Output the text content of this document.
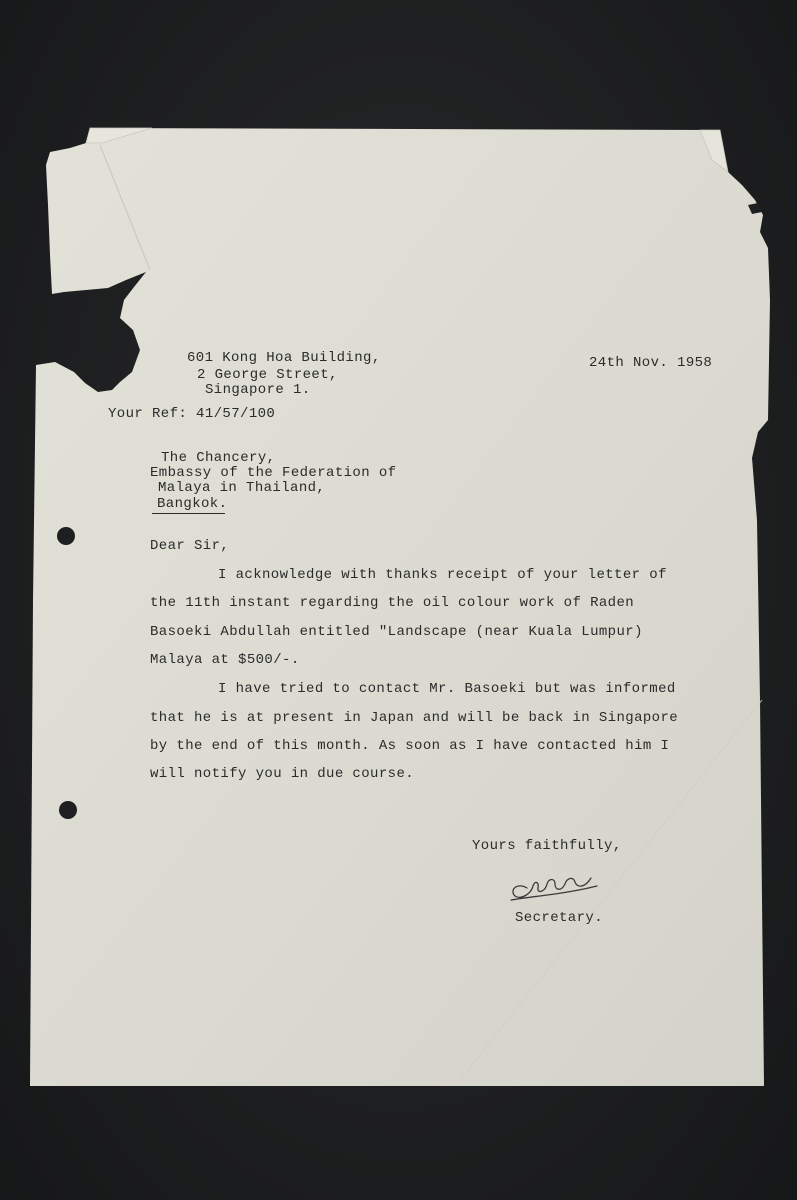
601 Kong Hoa Building,
2 George Street,
Singapore 1.
24th Nov. 1958
Your Ref: 41/57/100
The Chancery,
Embassy of the Federation of
Malaya in Thailand,
Bangkok.
Dear Sir,
I acknowledge with thanks receipt of your letter of
the 11th instant regarding the oil colour work of Raden
Basoeki Abdullah entitled "Landscape (near Kuala Lumpur)
Malaya at $500/-.
I have tried to contact Mr. Basoeki but was informed
that he is at present in Japan and will be back in Singapore
by the end of this month. As soon as I have contacted him I
will notify you in due course.
Yours faithfully,
Secretary.
